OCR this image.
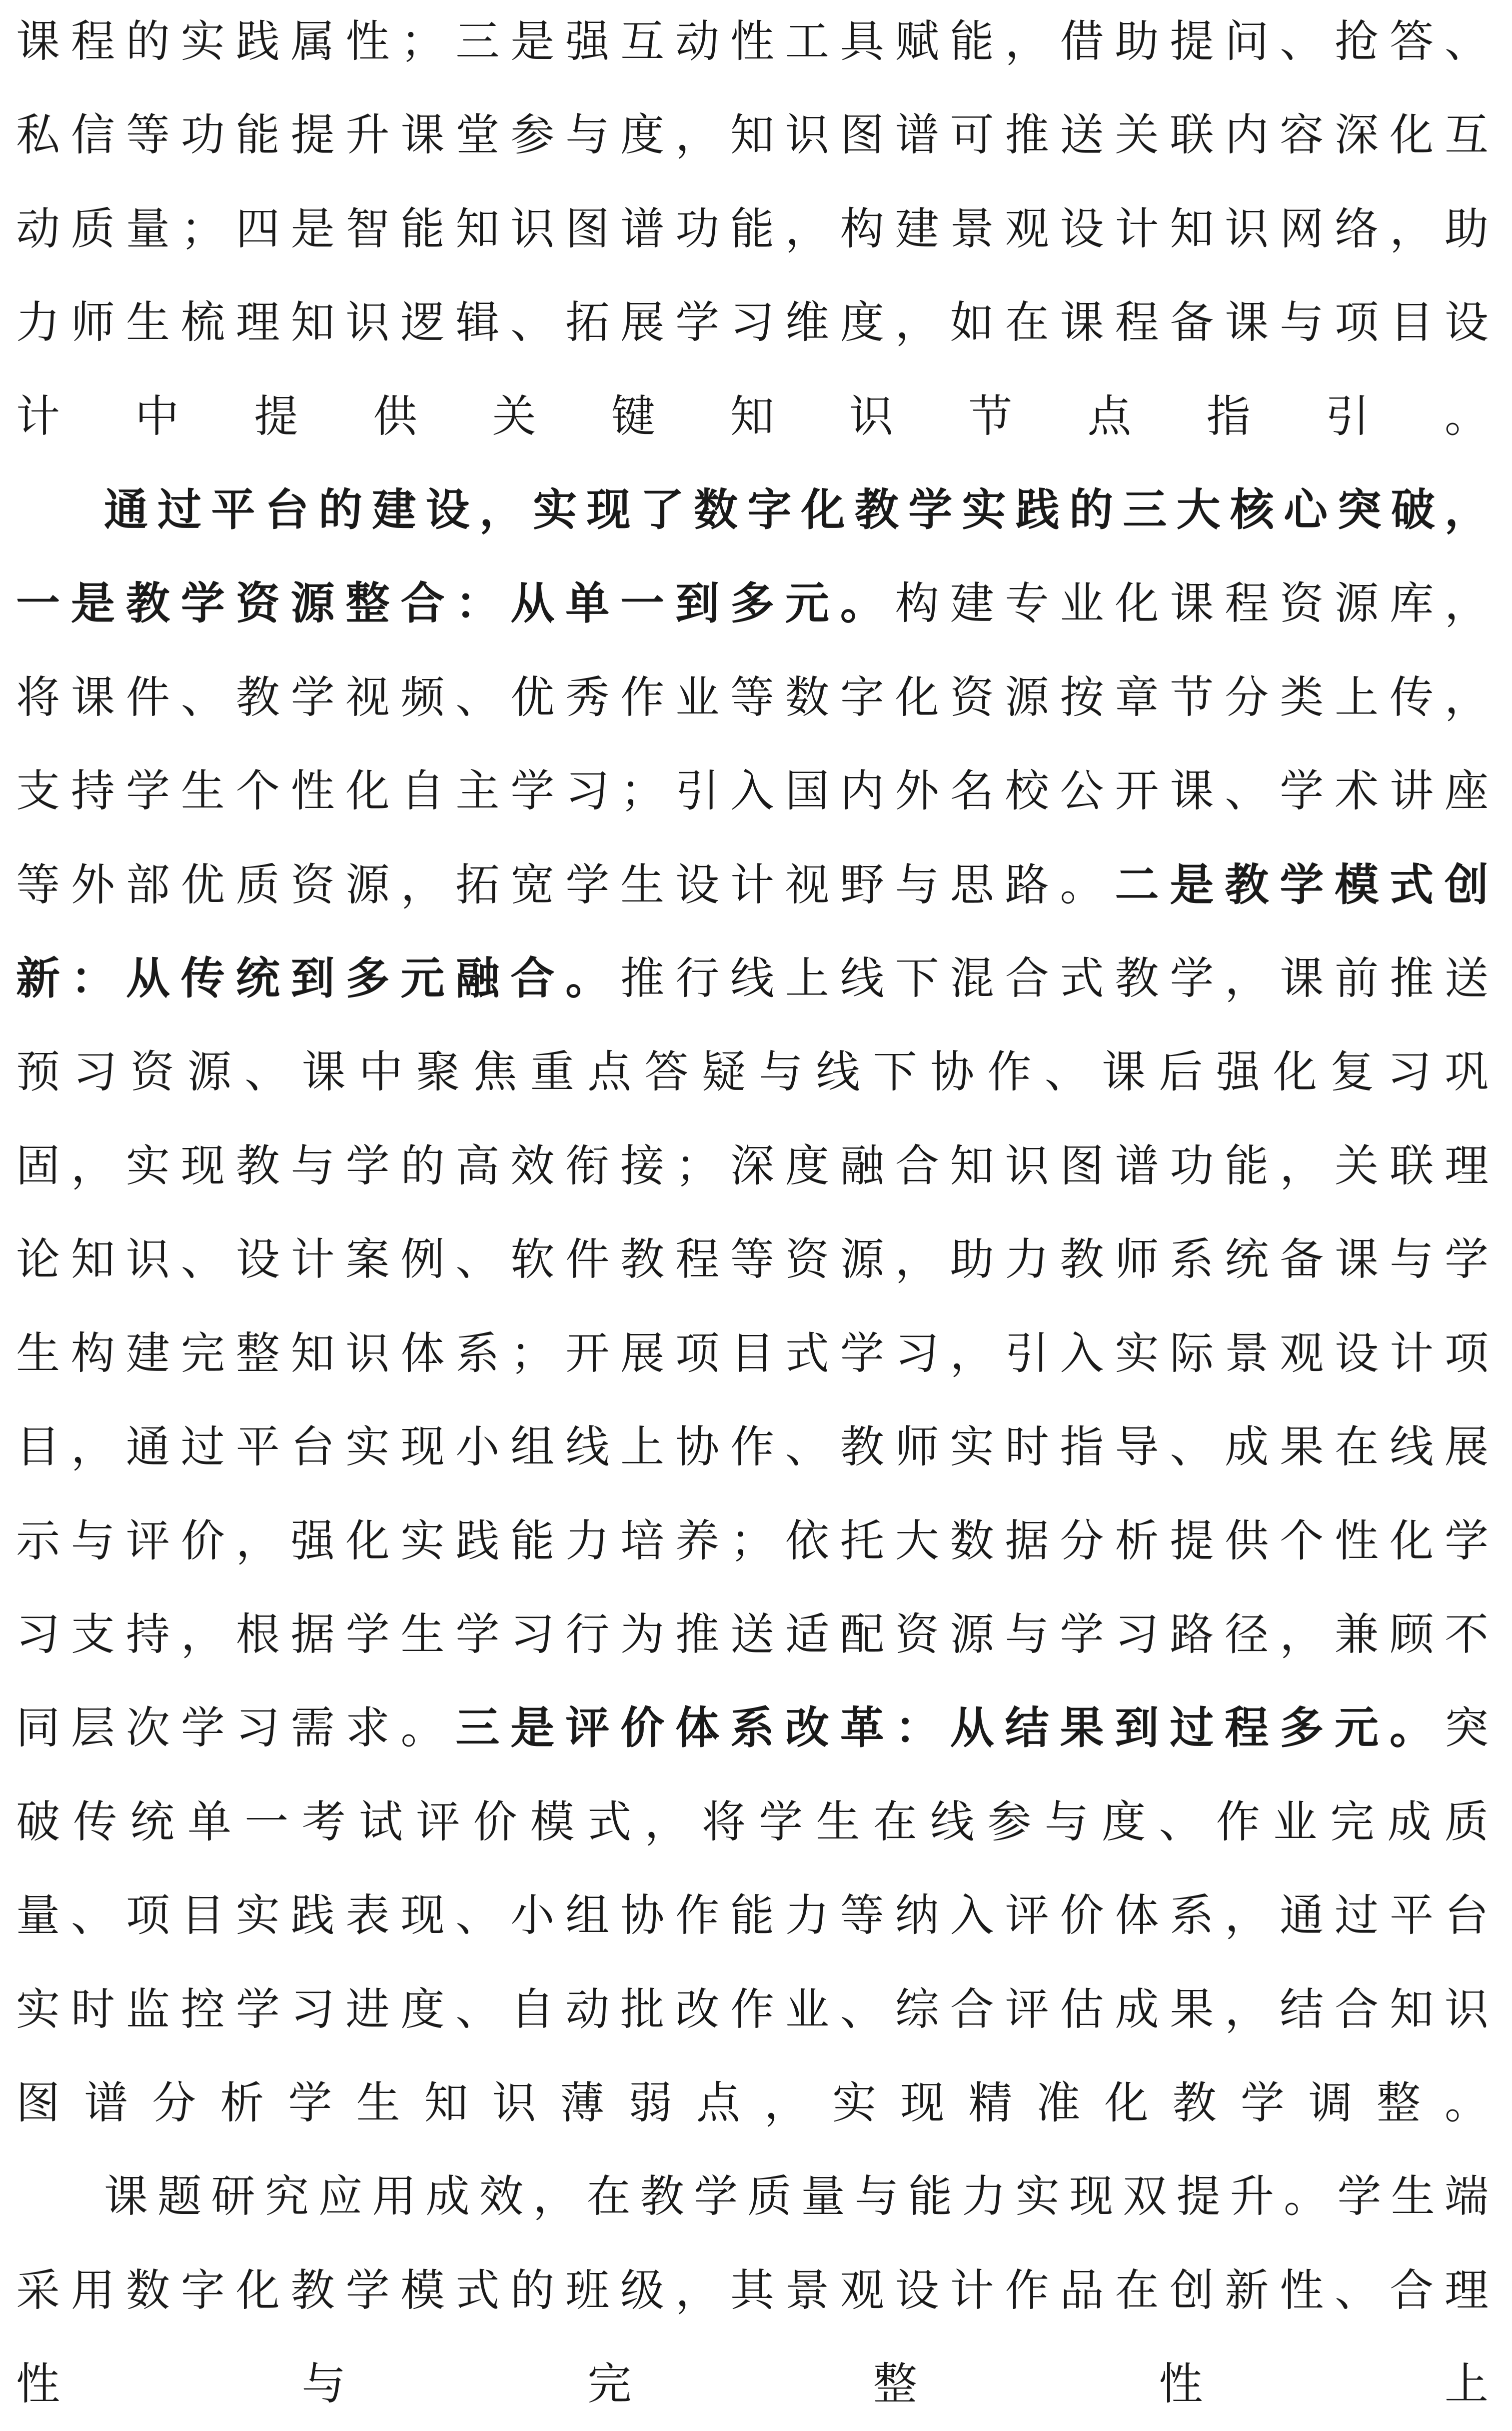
课程的实践属性；三是强互动性工具赋能，借助提问、抢答、私信等功能提升课堂参与度，知识图谱可推送关联内容深化互动质量；四是智能知识图谱功能，构建景观设计知识网络，助力师生梳理知识逻辑、拓展学习维度，如在课程备课与项目设计中提供关键知识节点指引。

通过平台的建设，实现了数字化教学实践的三大核心突破，一是教学资源整合：从单一到多元。构建专业化课程资源库，将课件、教学视频、优秀作业等数字化资源按章节分类上传，支持学生个性化自主学习；引入国内外名校公开课、学术讲座等外部优质资源，拓宽学生设计视野与思路。二是教学模式创新：从传统到多元融合。推行线上线下混合式教学，课前推送预习资源、课中聚焦重点答疑与线下协作、课后强化复习巩固，实现教与学的高效衔接；深度融合知识图谱功能，关联理论知识、设计案例、软件教程等资源，助力教师系统备课与学生构建完整知识体系；开展项目式学习，引入实际景观设计项目，通过平台实现小组线上协作、教师实时指导、成果在线展示与评价，强化实践能力培养；依托大数据分析提供个性化学习支持，根据学生学习行为推送适配资源与学习路径，兼顾不同层次学习需求。三是评价体系改革：从结果到过程多元。突破传统单一考试评价模式，将学生在线参与度、作业完成质量、项目实践表现、小组协作能力等纳入评价体系，通过平台实时监控学习进度、自动批改作业、综合评估成果，结合知识图谱分析学生知识薄弱点，实现精准化教学调整。

课题研究应用成效，在教学质量与能力实现双提升。学生端采用数字化教学模式的班级，其景观设计作品在创新性、合理性与完整性上
